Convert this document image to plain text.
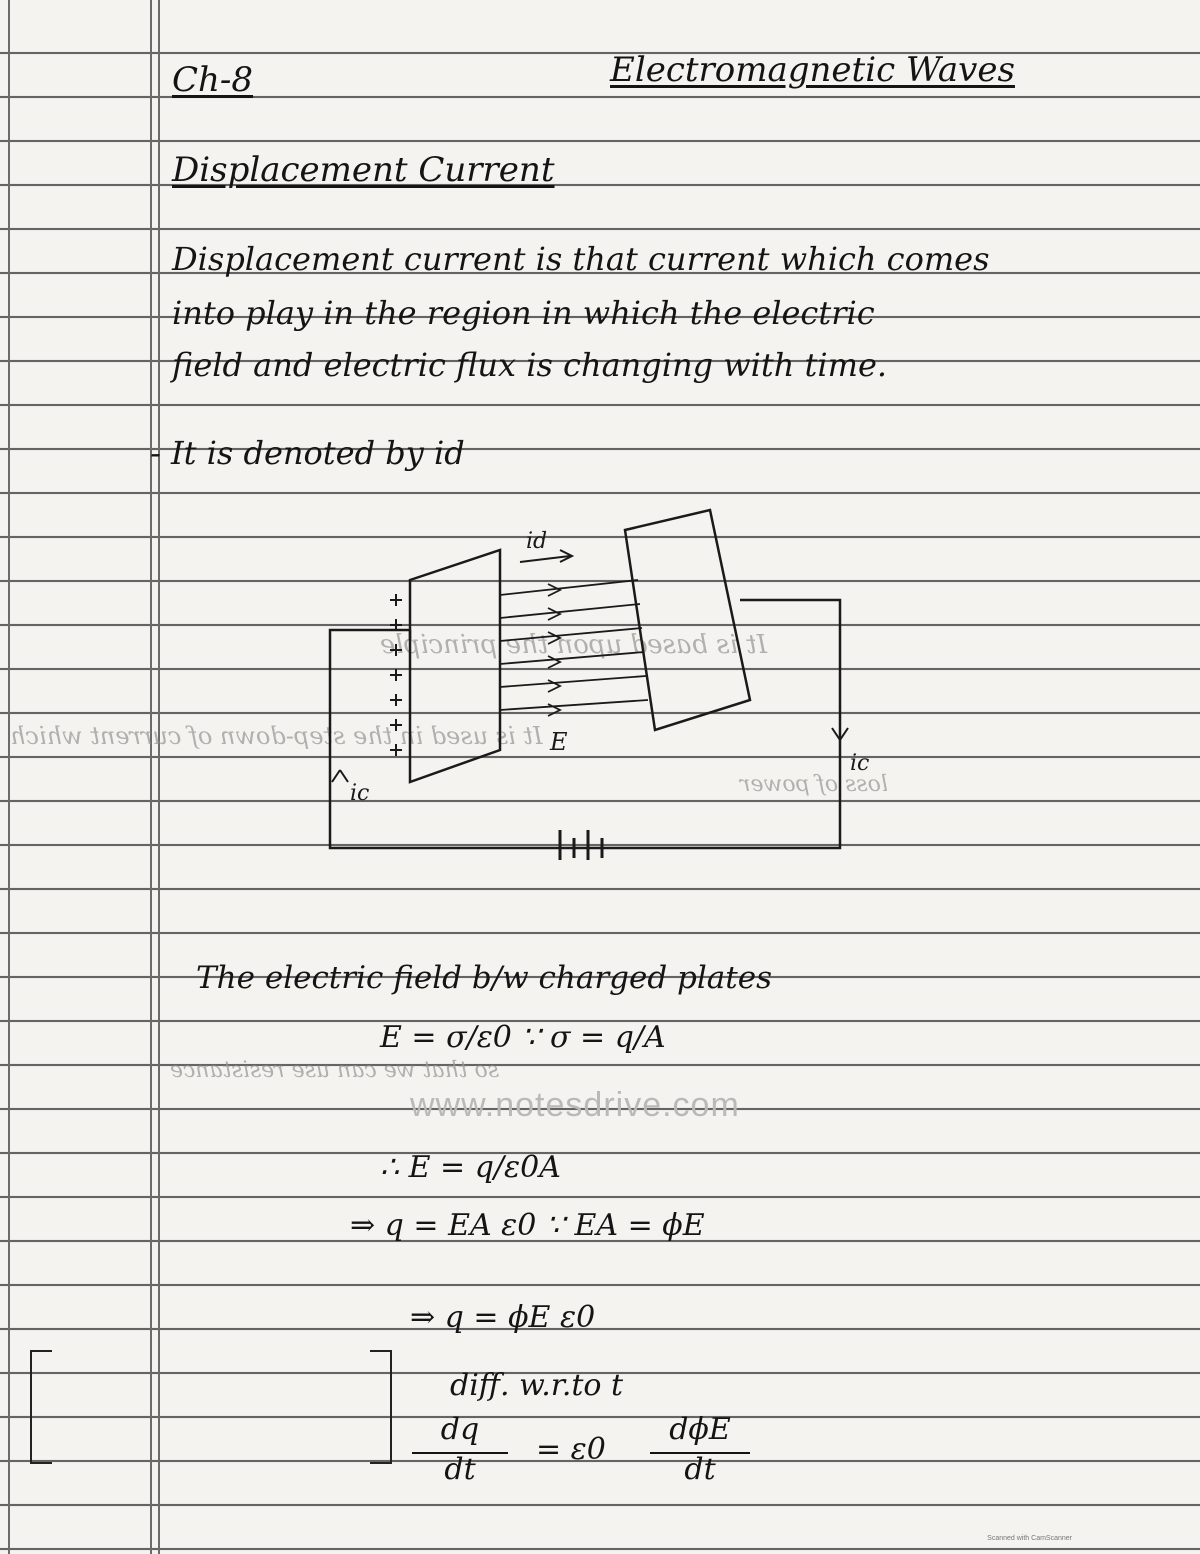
It is based upon the principle
It is used in the step-down of current which
loss of power
so that we can use resistance
Ch-8	Electromagnetic Waves
Displacement Current
Displacement current is that current which comes
into play in the region in which the electric
field and electric flux is changing with time.
- It is denoted by id
id
E
ic
ic
The electric field b/w charged plates
E = σ/ε0 ∵ σ = q/A
∴ E = q/ε0A
⇒ q = EA ε0 ∵ EA = ϕE
⇒ q = ϕE ε0
diff. w.r.to t
dq
dt
= ε0
dϕE
dt
www.notesdrive.com
Scanned with CamScanner
